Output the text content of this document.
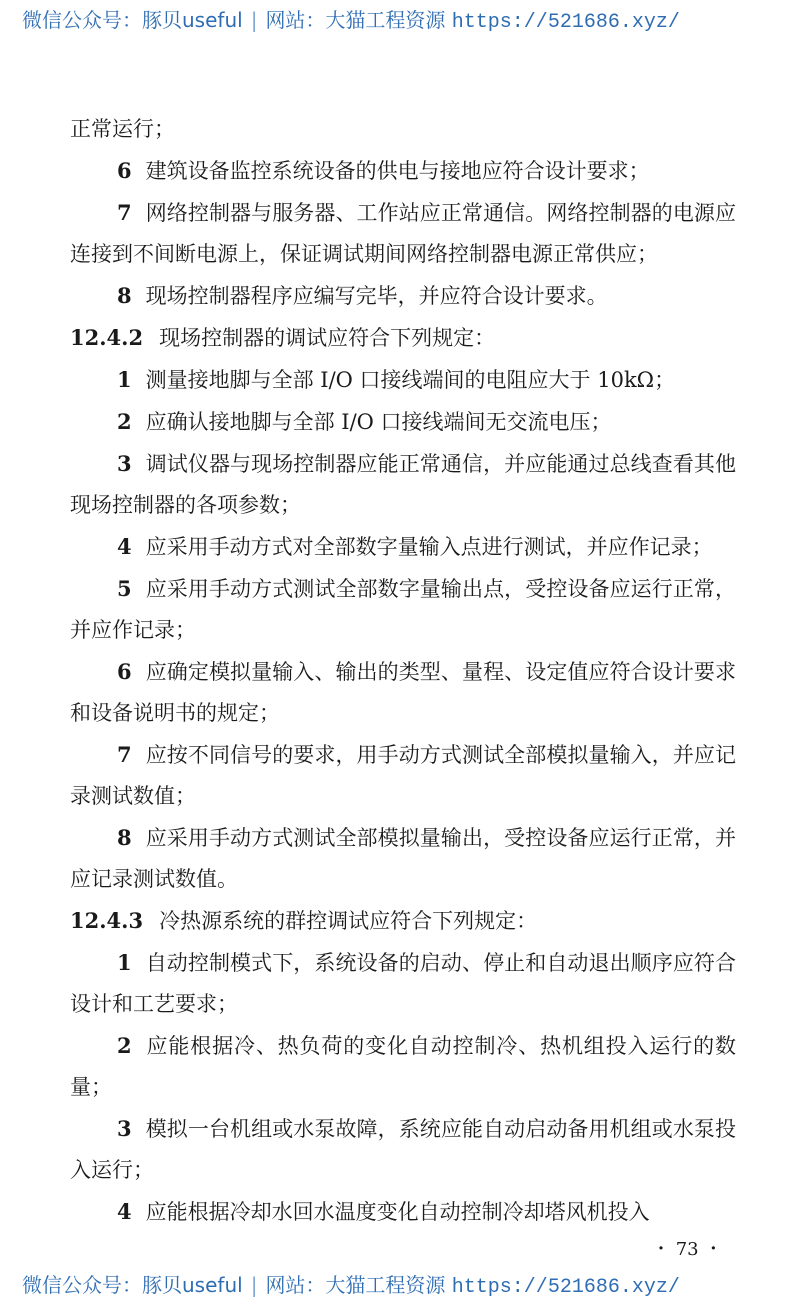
微信公众号：豚贝useful | 网站：大猫工程资源 https://521686.xyz/

正常运行；

6 建筑设备监控系统设备的供电与接地应符合设计要求；

7 网络控制器与服务器、工作站应正常通信。网络控制器的电源应连接到不间断电源上，保证调试期间网络控制器电源正常供应；

8 现场控制器程序应编写完毕，并应符合设计要求。

12.4.2 现场控制器的调试应符合下列规定：

1 测量接地脚与全部 I/O 口接线端间的电阻应大于 10kΩ；

2 应确认接地脚与全部 I/O 口接线端间无交流电压；

3 调试仪器与现场控制器应能正常通信，并应能通过总线查看其他现场控制器的各项参数；

4 应采用手动方式对全部数字量输入点进行测试，并应作记录；

5 应采用手动方式测试全部数字量输出点，受控设备应运行正常，并应作记录；

6 应确定模拟量输入、输出的类型、量程、设定值应符合设计要求和设备说明书的规定；

7 应按不同信号的要求，用手动方式测试全部模拟量输入，并应记录测试数值；

8 应采用手动方式测试全部模拟量输出，受控设备应运行正常，并应记录测试数值。

12.4.3 冷热源系统的群控调试应符合下列规定：

1 自动控制模式下，系统设备的启动、停止和自动退出顺序应符合设计和工艺要求；

2 应能根据冷、热负荷的变化自动控制冷、热机组投入运行的数量；

3 模拟一台机组或水泵故障，系统应能自动启动备用机组或水泵投入运行；

4 应能根据冷却水回水温度变化自动控制冷却塔风机投入

・ 73 ・
微信公众号：豚贝useful | 网站：大猫工程资源 https://521686.xyz/
